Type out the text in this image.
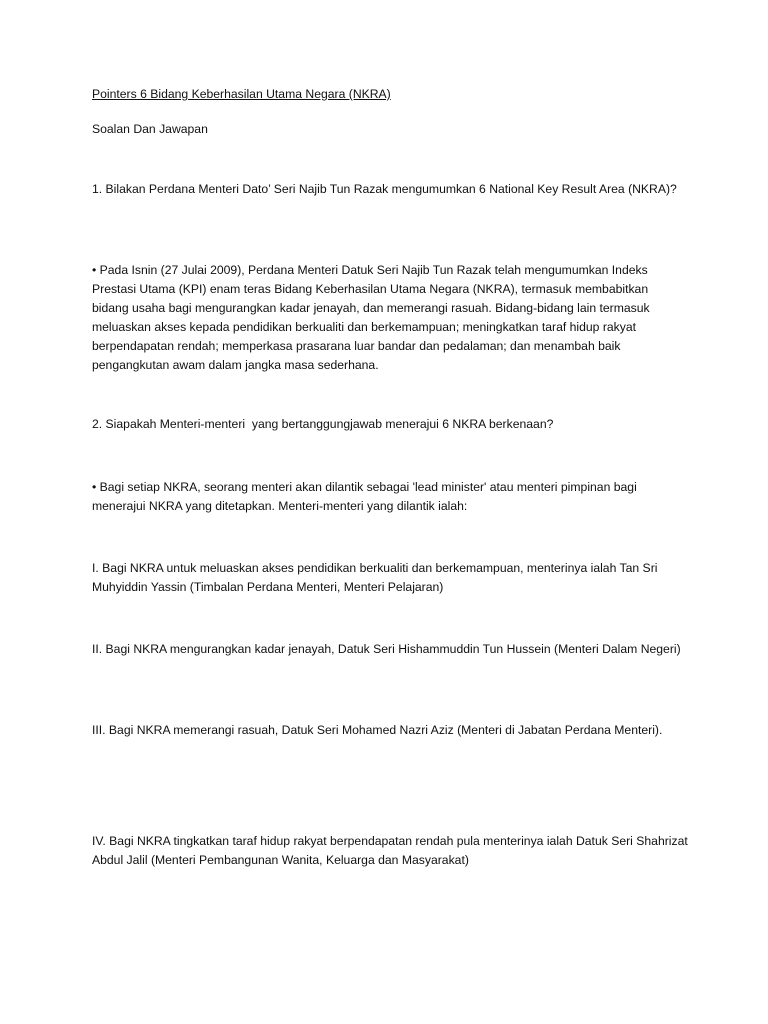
Pointers 6 Bidang Keberhasilan Utama Negara (NKRA)
Soalan Dan Jawapan
1. Bilakan Perdana Menteri Dato’ Seri Najib Tun Razak mengumumkan 6 National Key Result Area (NKRA)?
• Pada Isnin (27 Julai 2009), Perdana Menteri Datuk Seri Najib Tun Razak telah mengumumkan Indeks Prestasi Utama (KPI) enam teras Bidang Keberhasilan Utama Negara (NKRA), termasuk membabitkan bidang usaha bagi mengurangkan kadar jenayah, dan memerangi rasuah. Bidang-bidang lain termasuk meluaskan akses kepada pendidikan berkualiti dan berkemampuan; meningkatkan taraf hidup rakyat berpendapatan rendah; memperkasa prasarana luar bandar dan pedalaman; dan menambah baik pengangkutan awam dalam jangka masa sederhana.
2. Siapakah Menteri-menteri  yang bertanggungjawab menerajui 6 NKRA berkenaan?
• Bagi setiap NKRA, seorang menteri akan dilantik sebagai 'lead minister' atau menteri pimpinan bagi menerajui NKRA yang ditetapkan. Menteri-menteri yang dilantik ialah:
I. Bagi NKRA untuk meluaskan akses pendidikan berkualiti dan berkemampuan, menterinya ialah Tan Sri Muhyiddin Yassin (Timbalan Perdana Menteri, Menteri Pelajaran)
II. Bagi NKRA mengurangkan kadar jenayah, Datuk Seri Hishammuddin Tun Hussein (Menteri Dalam Negeri)
III. Bagi NKRA memerangi rasuah, Datuk Seri Mohamed Nazri Aziz (Menteri di Jabatan Perdana Menteri).
IV. Bagi NKRA tingkatkan taraf hidup rakyat berpendapatan rendah pula menterinya ialah Datuk Seri Shahrizat Abdul Jalil (Menteri Pembangunan Wanita, Keluarga dan Masyarakat)
